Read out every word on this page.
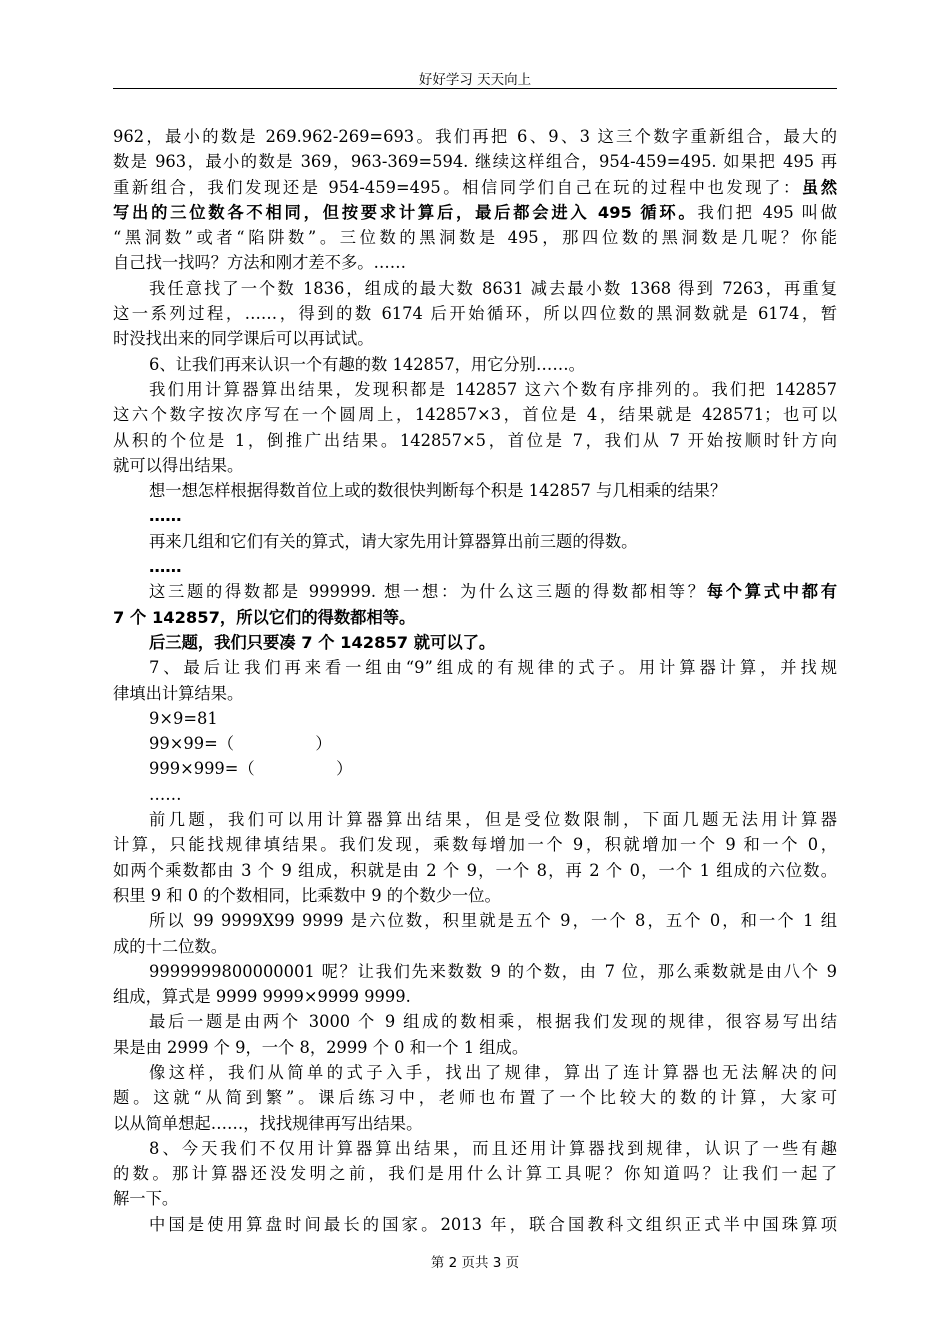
好好学习 天天向上
962，最小的数是 269.962-269=693。我们再把 6、9、3 这三个数字重新组合，最大的
数是 963，最小的数是 369，963-369=594. 继续这样组合，954-459=495. 如果把 495 再
重新组合，我们发现还是 954-459=495。相信同学们自己在玩的过程中也发现了：虽然
写出的三位数各不相同，但按要求计算后，最后都会进入 495 循环。我们把 495 叫做
“黑洞数”或者“陷阱数”。三位数的黑洞数是 495，那四位数的黑洞数是几呢？你能
自己找一找吗？方法和刚才差不多。……
我任意找了一个数 1836，组成的最大数 8631 减去最小数 1368 得到 7263，再重复
这一系列过程，……，得到的数 6174 后开始循环，所以四位数的黑洞数就是 6174，暂
时没找出来的同学课后可以再试试。
6、让我们再来认识一个有趣的数 142857，用它分别……。
我们用计算器算出结果，发现积都是 142857 这六个数有序排列的。我们把 142857
这六个数字按次序写在一个圆周上，142857×3，首位是 4，结果就是 428571；也可以
从积的个位是 1，倒推广出结果。142857×5，首位是 7，我们从 7 开始按顺时针方向
就可以得出结果。
想一想怎样根据得数首位上或的数很快判断每个积是 142857 与几相乘的结果？
……
再来几组和它们有关的算式，请大家先用计算器算出前三题的得数。
……
这三题的得数都是 999999. 想一想：为什么这三题的得数都相等？每个算式中都有
7 个 142857，所以它们的得数都相等。
后三题，我们只要凑 7 个 142857 就可以了。
7、最后让我们再来看一组由“9”组成的有规律的式子。用计算器计算，并找规
律填出计算结果。
9×9=81
99×99=（　　　　　）
999×999=（　　　　　）
……
前几题，我们可以用计算器算出结果，但是受位数限制，下面几题无法用计算器
计算，只能找规律填结果。我们发现，乘数每增加一个 9，积就增加一个 9 和一个 0，
如两个乘数都由 3 个 9 组成，积就是由 2 个 9，一个 8，再 2 个 0，一个 1 组成的六位数。
积里 9 和 0 的个数相同，比乘数中 9 的个数少一位。
所以 99 9999X99 9999 是六位数，积里就是五个 9，一个 8，五个 0，和一个 1 组
成的十二位数。
9999999800000001 呢？让我们先来数数 9 的个数，由 7 位，那么乘数就是由八个 9
组成，算式是 9999 9999×9999 9999.
最后一题是由两个 3000 个 9 组成的数相乘，根据我们发现的规律，很容易写出结
果是由 2999 个 9，一个 8，2999 个 0 和一个 1 组成。
像这样，我们从简单的式子入手，找出了规律，算出了连计算器也无法解决的问
题。这就“从简到繁”。课后练习中，老师也布置了一个比较大的数的计算，大家可
以从简单想起……，找找规律再写出结果。
8、今天我们不仅用计算器算出结果，而且还用计算器找到规律，认识了一些有趣
的数。那计算器还没发明之前，我们是用什么计算工具呢？你知道吗？让我们一起了
解一下。
中国是使用算盘时间最长的国家。2013 年，联合国教科文组织正式半中国珠算项
第 2 页共 3 页
